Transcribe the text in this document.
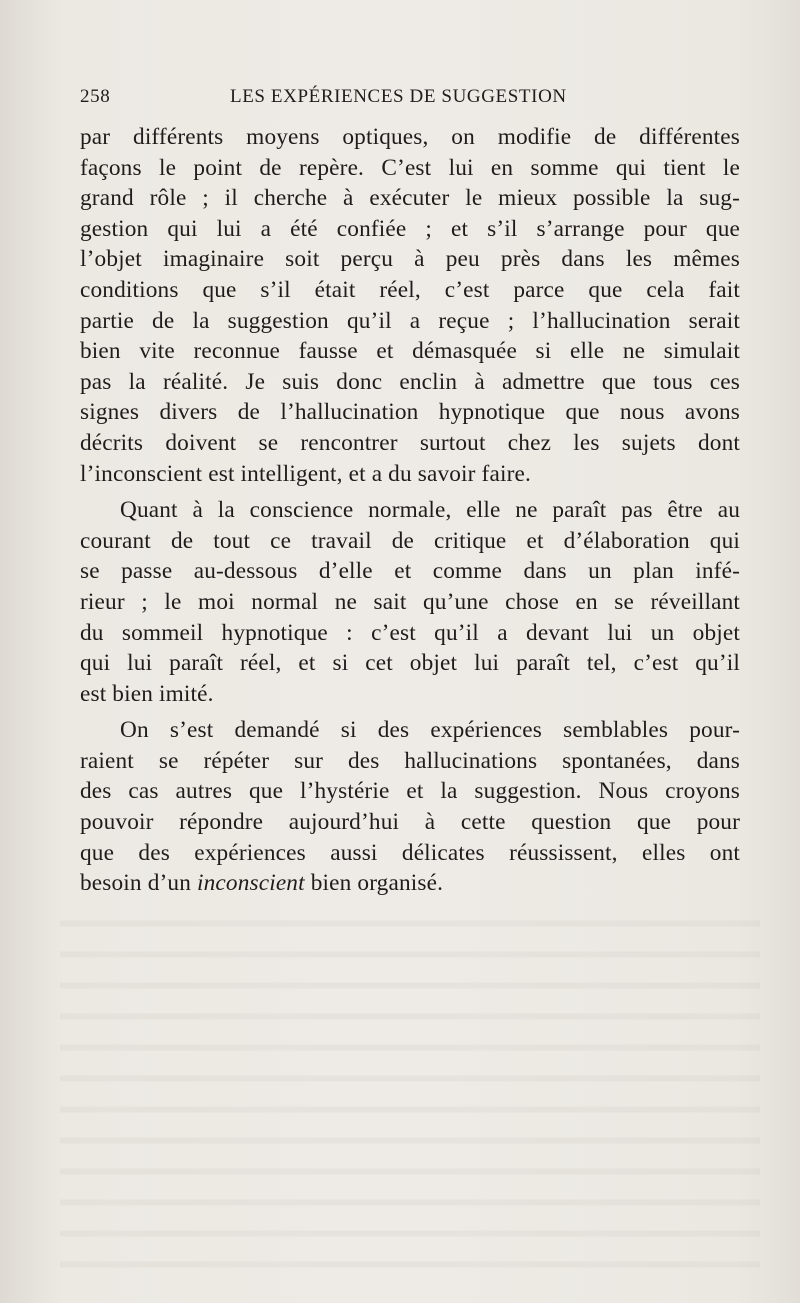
258	LES EXPÉRIENCES DE SUGGESTION
par différents moyens optiques, on modifie de différentes
façons le point de repère. C’est lui en somme qui tient le
grand rôle ; il cherche à exécuter le mieux possible la sug-
gestion qui lui a été confiée ; et s’il s’arrange pour que
l’objet imaginaire soit perçu à peu près dans les mêmes
conditions que s’il était réel, c’est parce que cela fait
partie de la suggestion qu’il a reçue ; l’hallucination serait
bien vite reconnue fausse et démasquée si elle ne simulait
pas la réalité. Je suis donc enclin à admettre que tous ces
signes divers de l’hallucination hypnotique que nous avons
décrits doivent se rencontrer surtout chez les sujets dont
l’inconscient est intelligent, et a du savoir faire.
Quant à la conscience normale, elle ne paraît pas être au
courant de tout ce travail de critique et d’élaboration qui
se passe au-dessous d’elle et comme dans un plan infé-
rieur ; le moi normal ne sait qu’une chose en se réveillant
du sommeil hypnotique : c’est qu’il a devant lui un objet
qui lui paraît réel, et si cet objet lui paraît tel, c’est qu’il
est bien imité.
On s’est demandé si des expériences semblables pour-
raient se répéter sur des hallucinations spontanées, dans
des cas autres que l’hystérie et la suggestion. Nous croyons
pouvoir répondre aujourd’hui à cette question que pour
que des expériences aussi délicates réussissent, elles ont
besoin d’un inconscient bien organisé.
